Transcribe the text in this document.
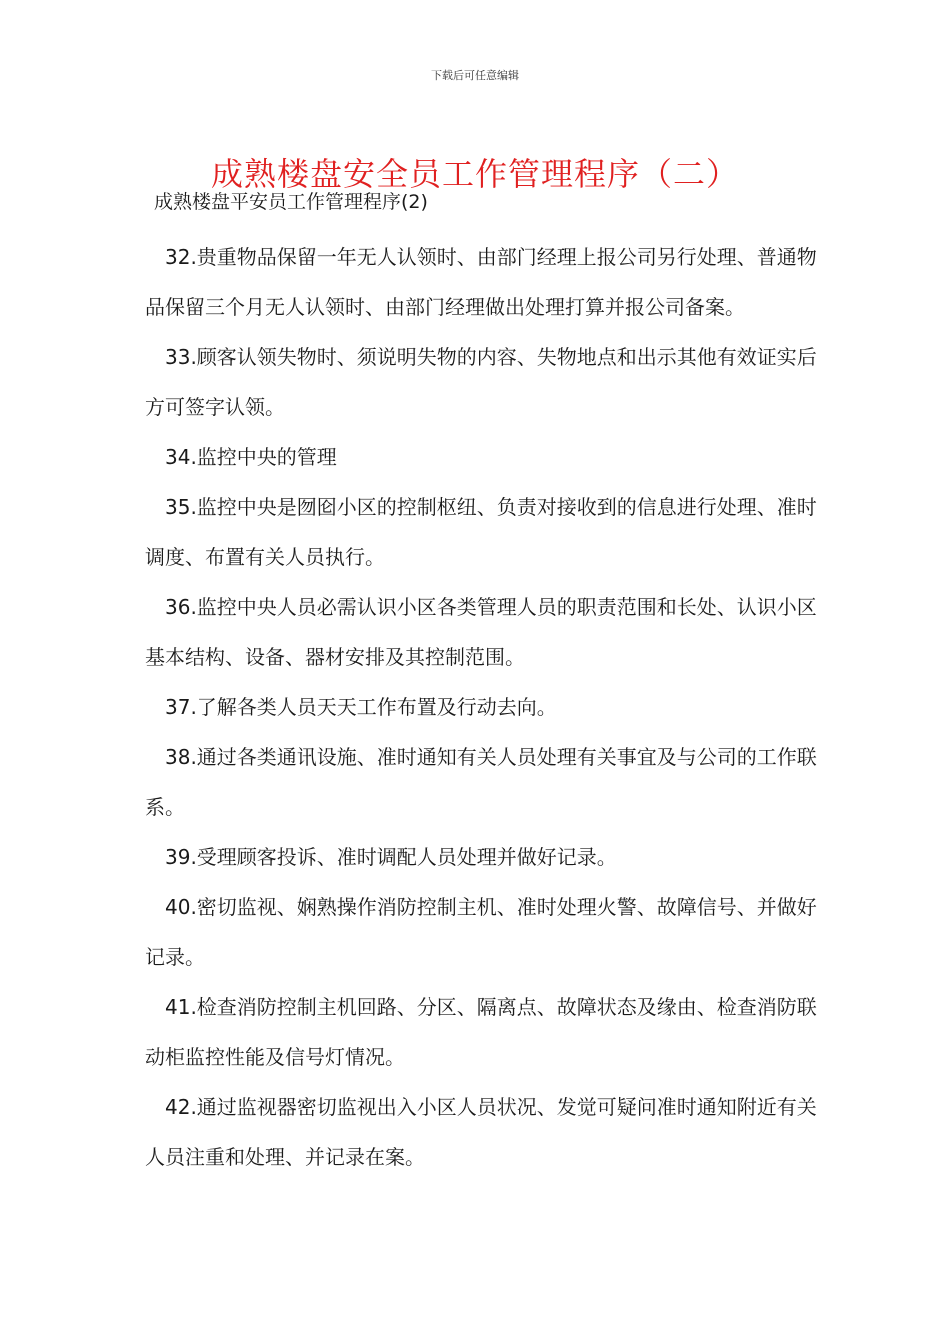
下载后可任意编辑
成熟楼盘安全员工作管理程序（二）
成熟楼盘平安员工作管理程序(2)

32.贵重物品保留一年无人认领时、由部门经理上报公司另行处理、普通物品保留三个月无人认领时、由部门经理做出处理打算并报公司备案。

33.顾客认领失物时、须说明失物的内容、失物地点和出示其他有效证实后方可签字认领。

34.监控中央的管理

35.监控中央是囫囵小区的控制枢纽、负责对接收到的信息进行处理、准时调度、布置有关人员执行。

36.监控中央人员必需认识小区各类管理人员的职责范围和长处、认识小区基本结构、设备、器材安排及其控制范围。

37.了解各类人员天天工作布置及行动去向。

38.通过各类通讯设施、准时通知有关人员处理有关事宜及与公司的工作联系。

39.受理顾客投诉、准时调配人员处理并做好记录。

40.密切监视、娴熟操作消防控制主机、准时处理火警、故障信号、并做好记录。

41.检查消防控制主机回路、分区、隔离点、故障状态及缘由、检查消防联动柜监控性能及信号灯情况。

42.通过监视器密切监视出入小区人员状况、发觉可疑问准时通知附近有关人员注重和处理、并记录在案。
